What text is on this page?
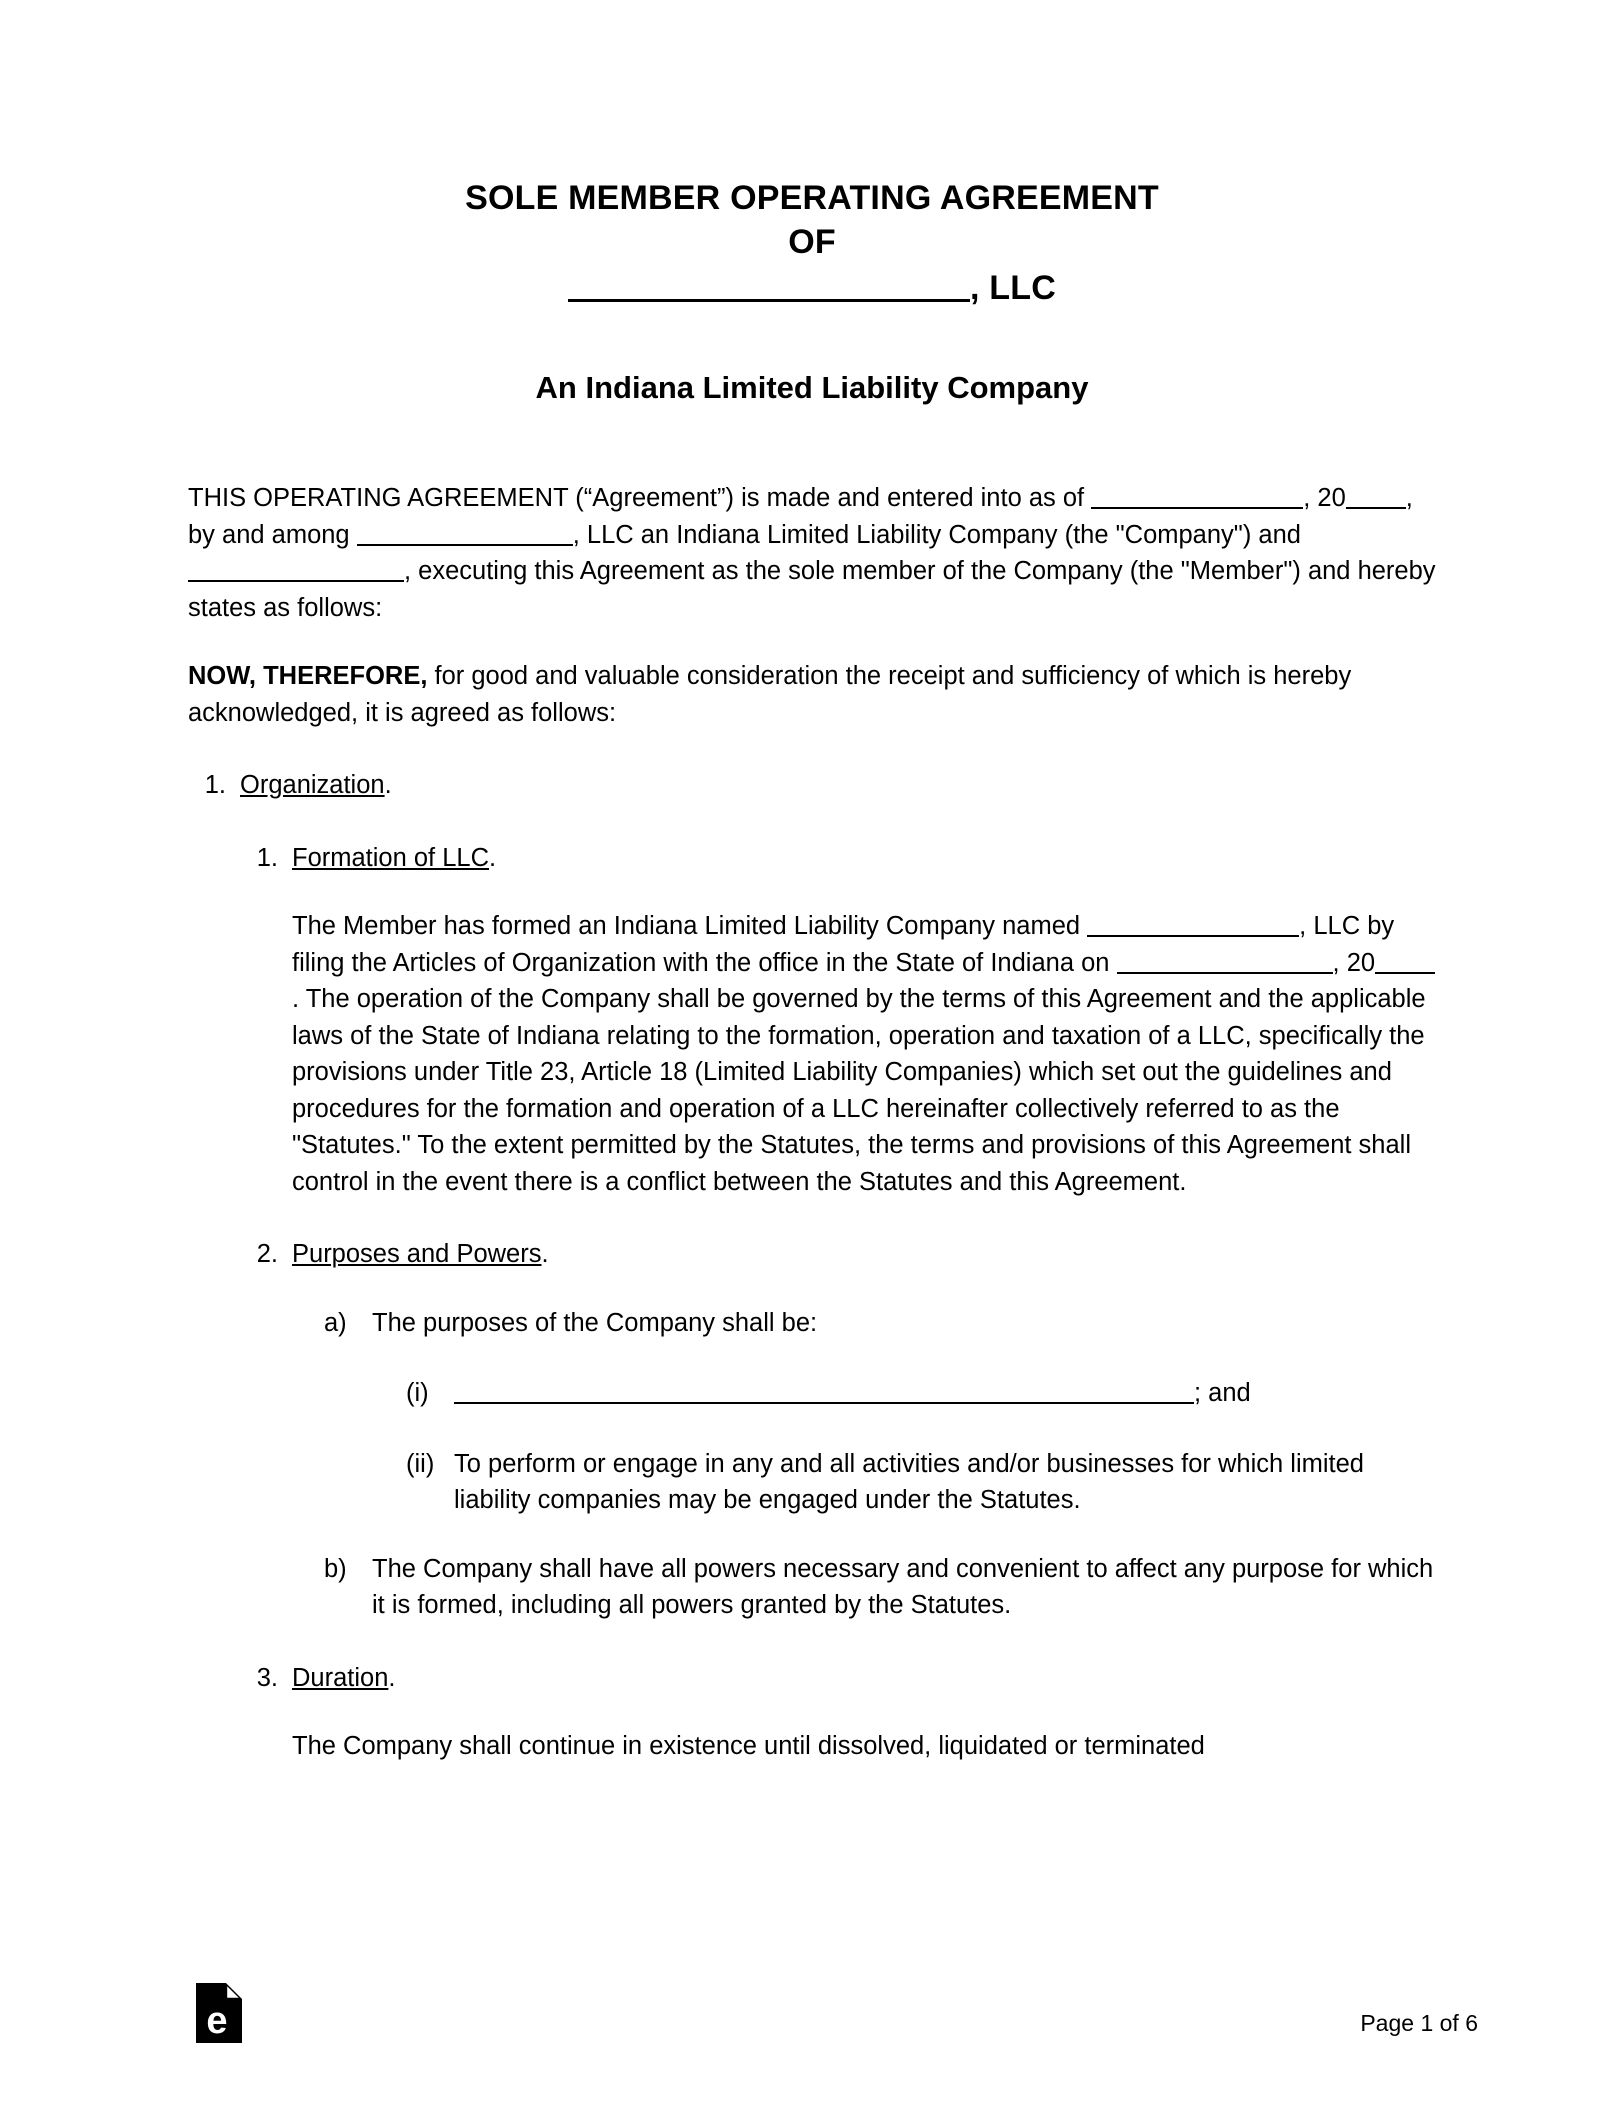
SOLE MEMBER OPERATING AGREEMENT
OF
, LLC
An Indiana Limited Liability Company
THIS OPERATING AGREEMENT (“Agreement”) is made and entered into as of	, 20 , by and among	, LLC an Indiana Limited Liability Company (the "Company") and , executing this Agreement as the sole member of the Company (the "Member") and hereby states as follows:
NOW, THEREFORE, for good and valuable consideration the receipt and sufficiency of which is hereby acknowledged, it is agreed as follows:
1. Organization.
1. Formation of LLC.
The Member has formed an Indiana Limited Liability Company named	, LLC by filing the Articles of Organization with the office in the State of Indiana on	, 20. The operation of the Company shall be governed by the terms of this Agreement and the applicable laws of the State of Indiana relating to the formation, operation and taxation of a LLC, specifically the provisions under Title 23, Article 18 (Limited Liability Companies) which set out the guidelines and procedures for the formation and operation of a LLC hereinafter collectively referred to as the "Statutes." To the extent permitted by the Statutes, the terms and provisions of this Agreement shall control in the event there is a conflict between the Statutes and this Agreement.
2. Purposes and Powers.
a) The purposes of the Company shall be:
(i)	; and
(ii) To perform or engage in any and all activities and/or businesses for which limited liability companies may be engaged under the Statutes.
b) The Company shall have all powers necessary and convenient to affect any purpose for which it is formed, including all powers granted by the Statutes.
3. Duration.
The Company shall continue in existence until dissolved, liquidated or terminated
e	Page 1 of 6
